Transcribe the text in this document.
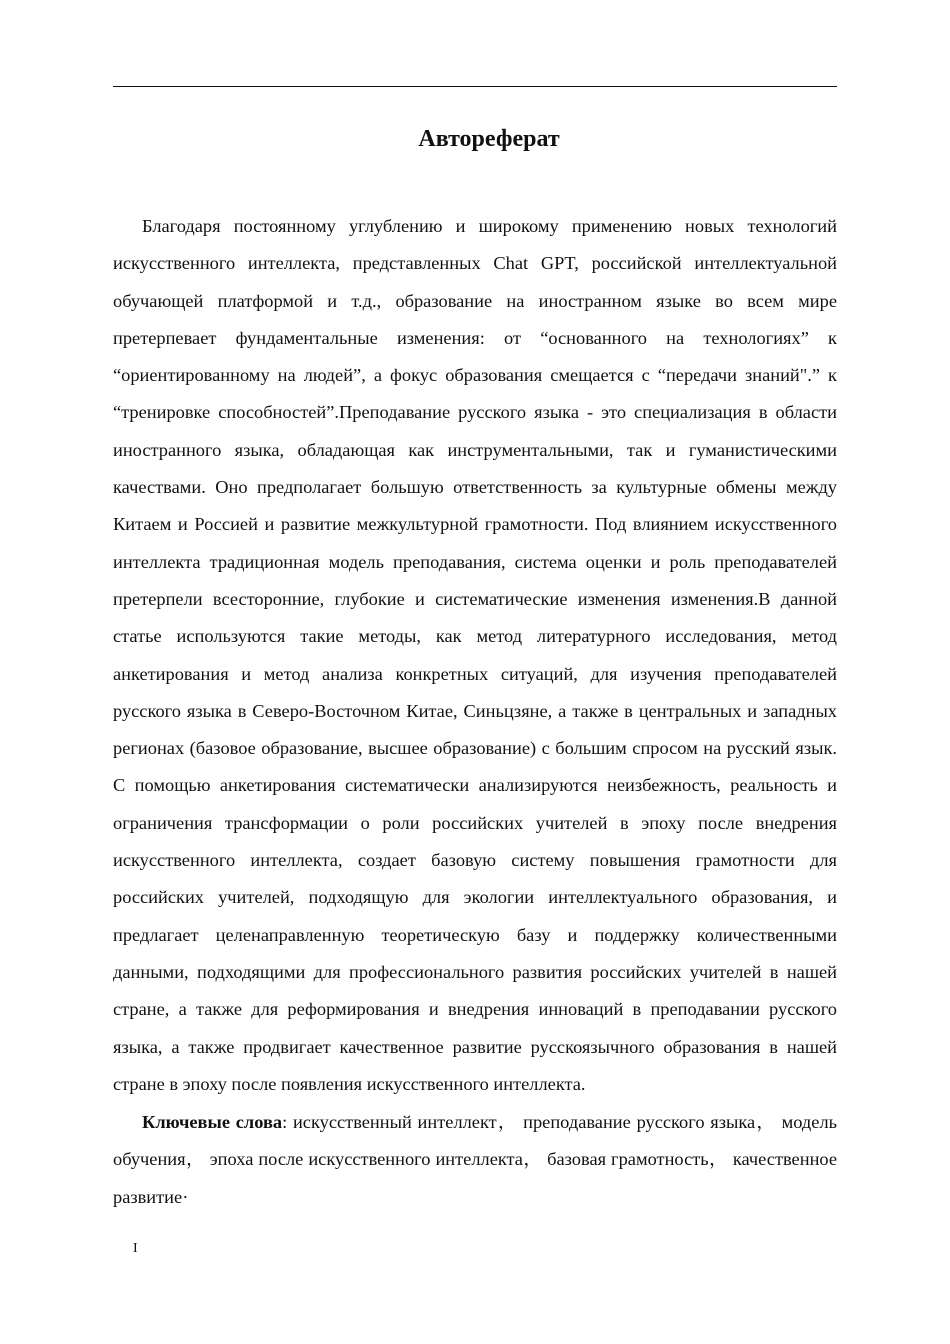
Автореферат

Благодаря постоянному углублению и широкому применению новых технологий искусственного интеллекта, представленных Chat GPT, российской интеллектуальной обучающей платформой и т.д., образование на иностранном языке во всем мире претерпевает фундаментальные изменения: от “основанного на технологиях” к “ориентированному на людей”, а фокус образования смещается с “передачи знаний".” к “тренировке способностей”.Преподавание русского языка - это специализация в области иностранного языка, обладающая как инструментальными, так и гуманистическими качествами. Оно предполагает большую ответственность за культурные обмены между Китаем и Россией и развитие межкультурной грамотности. Под влиянием искусственного интеллекта традиционная модель преподавания, система оценки и роль преподавателей претерпели всесторонние, глубокие и систематические изменения изменения.В данной статье используются такие методы, как метод литературного исследования, метод анкетирования и метод анализа конкретных ситуаций, для изучения преподавателей русского языка в Северо-Восточном Китае, Синьцзяне, а также в центральных и западных регионах (базовое образование, высшее образование) с большим спросом на русский язык. С помощью анкетирования систематически анализируются неизбежность, реальность и ограничения трансформации о роли российских учителей в эпоху после внедрения искусственного интеллекта, создает базовую систему повышения грамотности для российских учителей, подходящую для экологии интеллектуального образования, и предлагает целенаправленную теоретическую базу и поддержку количественными данными, подходящими для профессионального развития российских учителей в нашей стране, а также для реформирования и внедрения инноваций в преподавании русского языка, а также продвигает качественное развитие русскоязычного образования в нашей стране в эпоху после появления искусственного интеллекта.

Ключевые слова: искусственный интеллект， преподавание русского языка， модель обучения， эпоха после искусственного интеллекта， базовая грамотность， качественное развитие·

I
